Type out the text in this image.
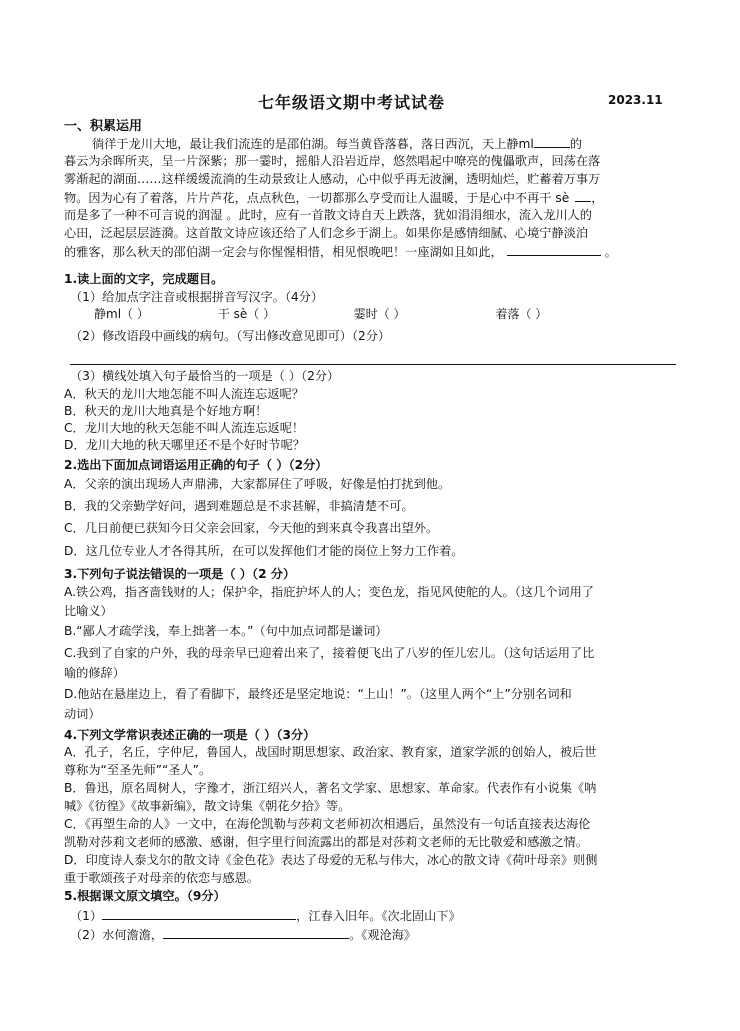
七年级语文期中考试试卷	2023.11
一、积累运用
徜徉于龙川大地，最让我们流连的是邵伯湖。每当黄昏落暮，落日西沉，天上静ml	的
暮云为余晖所夹，呈一片深紫；那一霎时，摇船人沿岩近岸，悠然唱起中嘹亮的傀儡歌声，回荡在落
雾渐起的湖面……这样缓缓流淌的生动景致让人感动，心中似乎再无波澜，透明灿烂，贮蓄着万事万
物。因为心有了着落，片片芦花，点点秋色，一切都那么亨受而让人温暖，于是心中不再干 sè ，
而是多了一种不可言说的润湿 。此时，应有一首散文诗自天上跌落，犹如涓涓细水，流入龙川人的
心田，泛起层层涟漪。这首散文诗应该还给了人们念乡于湖上。如果你是感情细腻、心境宁静淡泊
的雅客，那么秋天的邵伯湖一定会与你惺惺相惜，相见恨晚吧！一座湖如且如此，	。
1.读上面的文字，完成题目。
（1）给加点字注音或根据拼音写汉字。（4分）
静ml（ ）	干 sè（ ）	霎时（ ）	着落（ ）
（2）修改语段中画线的病句。（写出修改意见即可）（2分）
（3）横线处填入句子最恰当的一项是（ ）（2分）
A．秋天的龙川大地怎能不叫人流连忘返呢？
B．秋天的龙川大地真是个好地方啊！
C．龙川大地的秋天怎能不叫人流连忘返呢！
D．龙川大地的秋天哪里还不是个好时节呢？
2.选出下面加点词语运用正确的句子（ ）（2分）
A．父亲的演出现场人声鼎沸，大家都屏住了呼吸，好像是怕打扰到他。
B．我的父亲勤学好问，遇到难题总是不求甚解，非搞清楚不可。
C．几日前便已获知今日父亲会回家，今天他的到来真令我喜出望外。
D．这几位专业人才各得其所，在可以发挥他们才能的岗位上努力工作着。
3.下列句子说法错误的一项是（ ）（2 分）
A.铁公鸡，指吝啬钱财的人；保护伞，指庇护坏人的人；变色龙，指见风使舵的人。（这几个词用了
比喻义）
B.“鄙人才疏学浅，奉上拙著一本。”（句中加点词都是谦词）
C.我到了自家的户外，我的母亲早已迎着出来了，接着便飞出了八岁的侄儿宏儿。（这句话运用了比
喻的修辞）
D.他站在悬崖边上，看了看脚下，最终还是坚定地说：“上山！”。（这里人两个“上”分别名词和
动词）
4.下列文学常识表述正确的一项是（ ）（3分）
A．孔子，名丘，字仲尼，鲁国人，战国时期思想家、政治家、教育家，道家学派的创始人，被后世
尊称为“至圣先师”“圣人”。
B．鲁迅，原名周树人，字豫才，浙江绍兴人，著名文学家、思想家、革命家。代表作有小说集《呐
喊》《彷徨》《故事新编》，散文诗集《朝花夕拾》等。
C．《再塑生命的人》一文中，在海伦凯勒与莎莉文老师初次相遇后，虽然没有一句话直接表达海伦
凯勒对莎莉文老师的感激、感谢，但字里行间流露出的都是对莎莉文老师的无比敬爱和感激之情。
D．印度诗人泰戈尔的散文诗《金色花》表达了母爱的无私与伟大，冰心的散文诗《荷叶母亲》则侧
重于歌颂孩子对母亲的依恋与感恩。
5.根据课文原文填空。（9分）
（1）	，江春入旧年。《次北固山下》
（2）水何澹澹，	。《观沧海》
